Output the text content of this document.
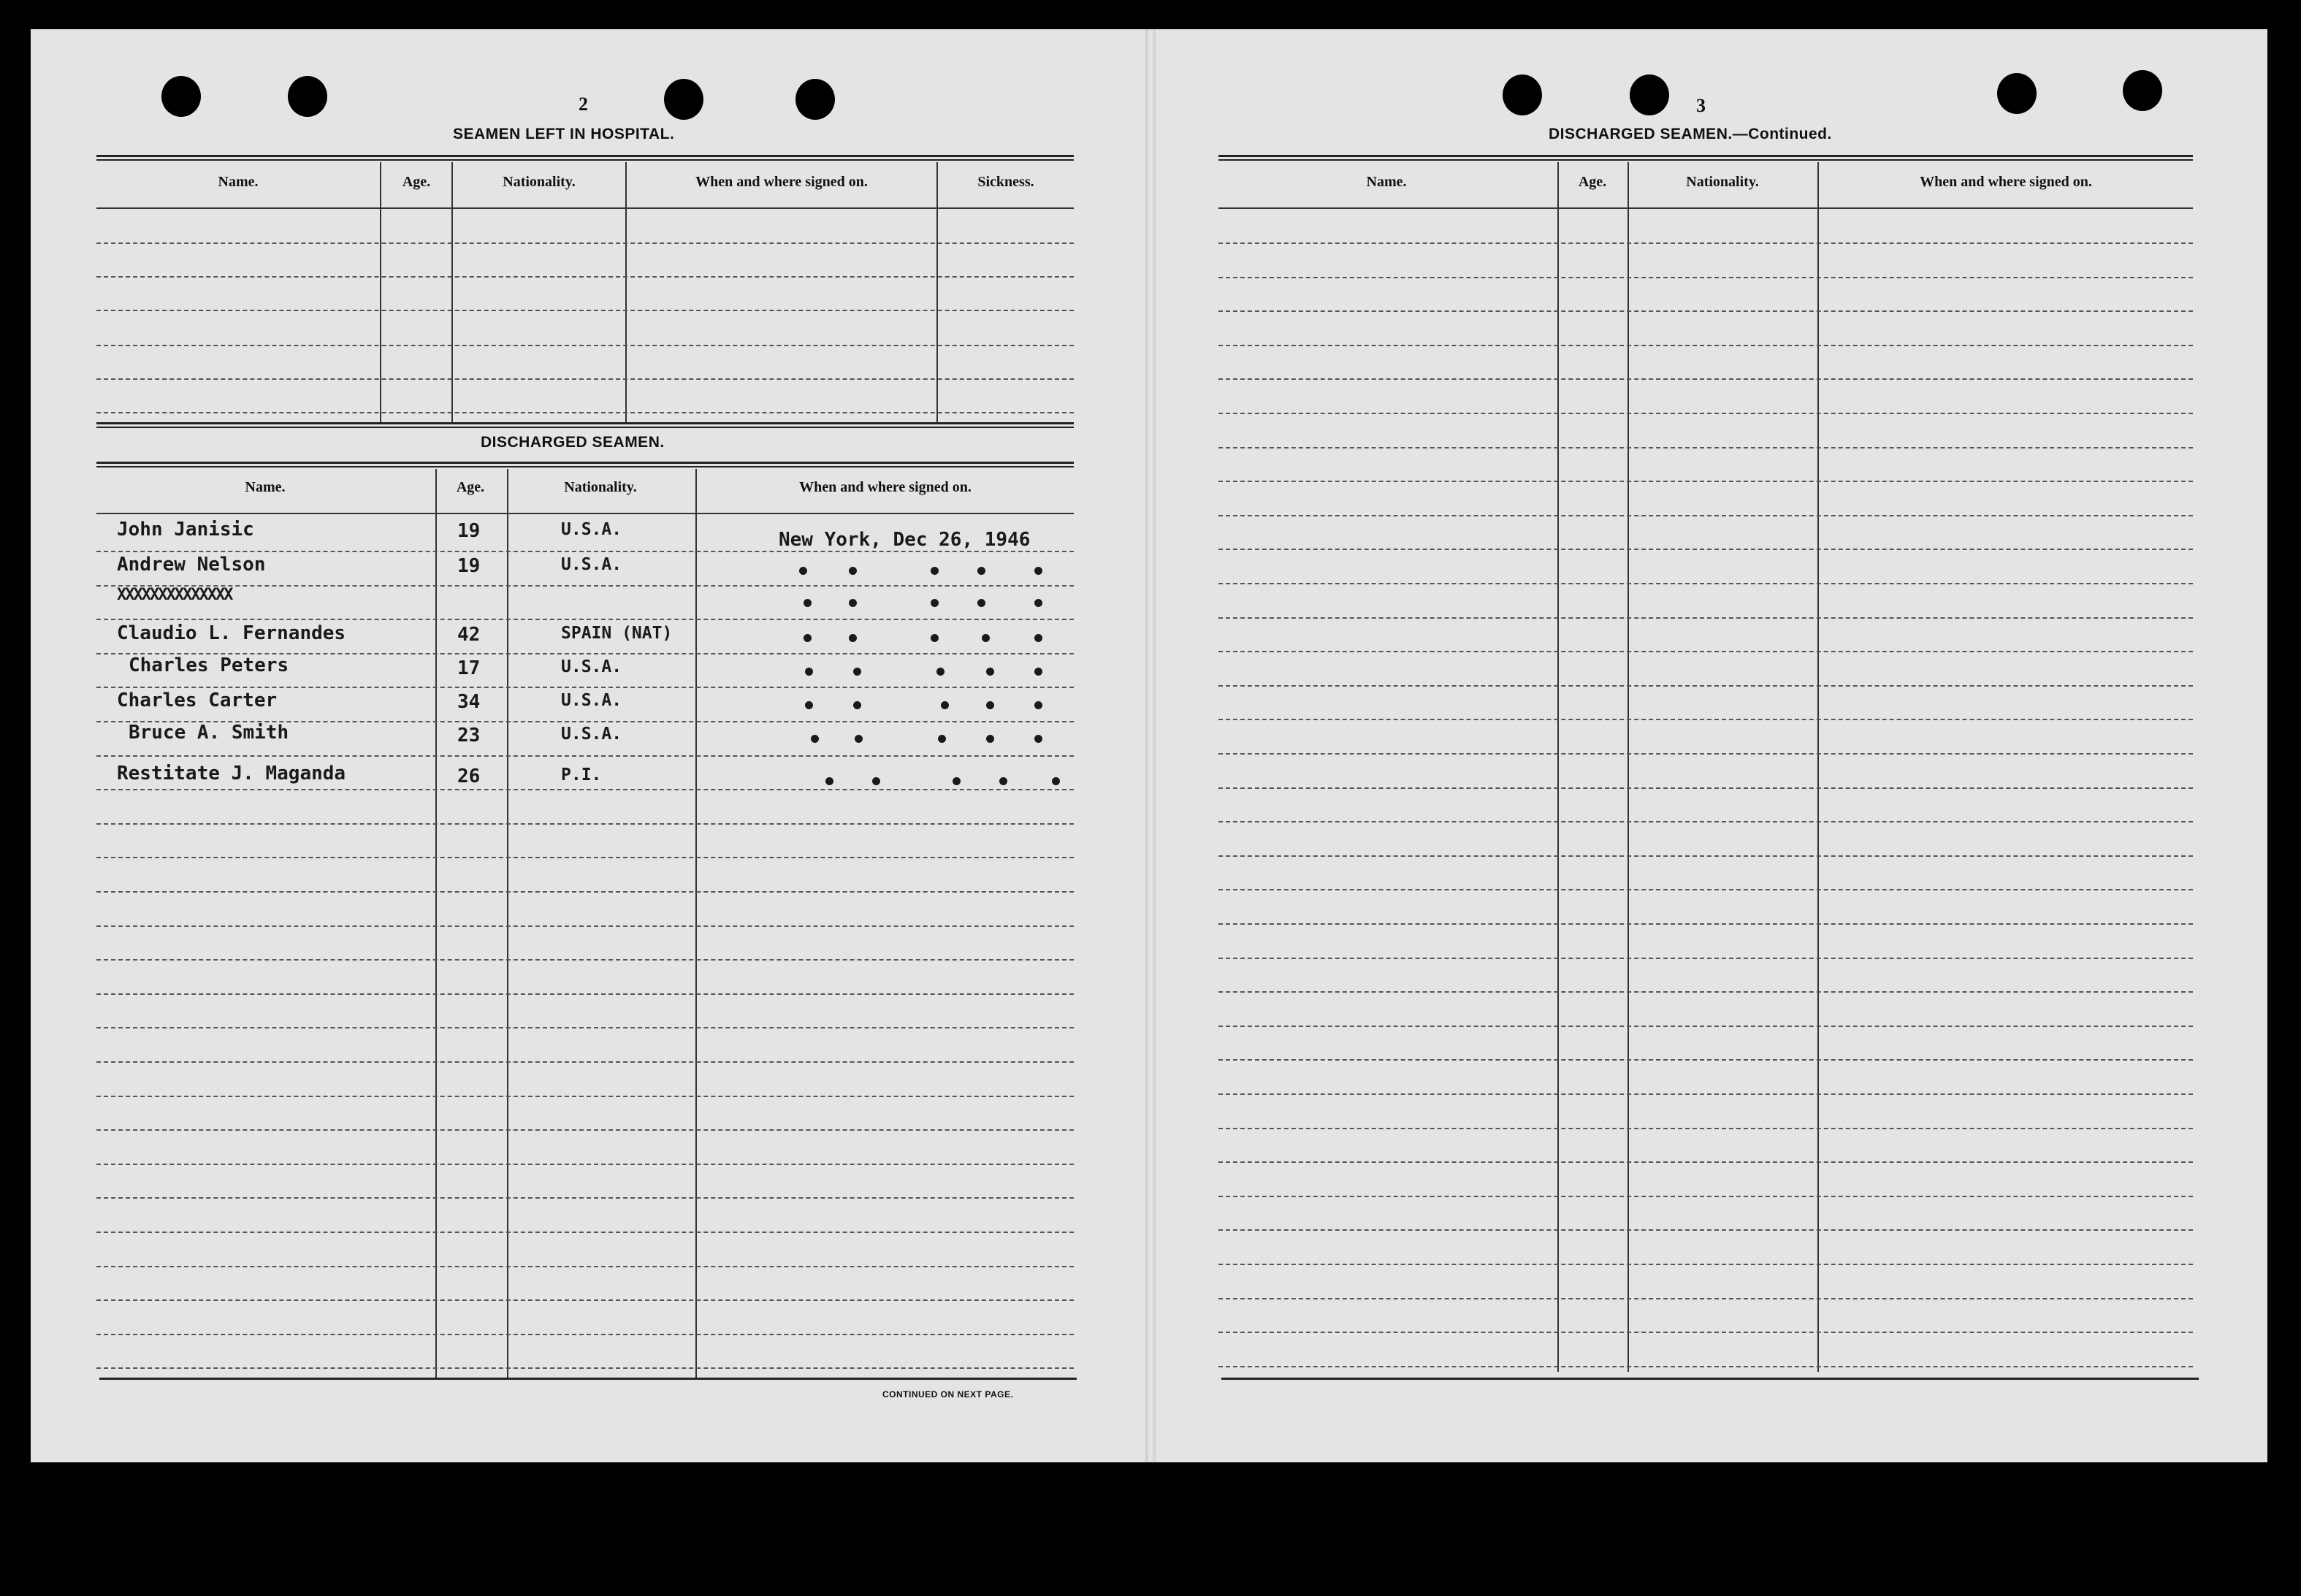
2
SEAMEN LEFT IN HOSPITAL.
Name.	Age.	Nationality.	When and where signed on.	Sickness.
DISCHARGED SEAMEN.
Name.	Age.	Nationality.	When and where signed on.
John Janisic	19	U.S.A.	New York, Dec 26, 1946
Andrew Nelson	19	U.S.A.
XXXXXXXXXXXXXX
Claudio L. Fernandes	42	SPAIN (NAT)
Charles Peters	17	U.S.A.
Charles Carter	34	U.S.A.
Bruce A. Smith	23	U.S.A.
Restitate J. Maganda	26	P.I.
CONTINUED ON NEXT PAGE.
3
DISCHARGED SEAMEN.—Continued.
Name.	Age.	Nationality.	When and where signed on.
